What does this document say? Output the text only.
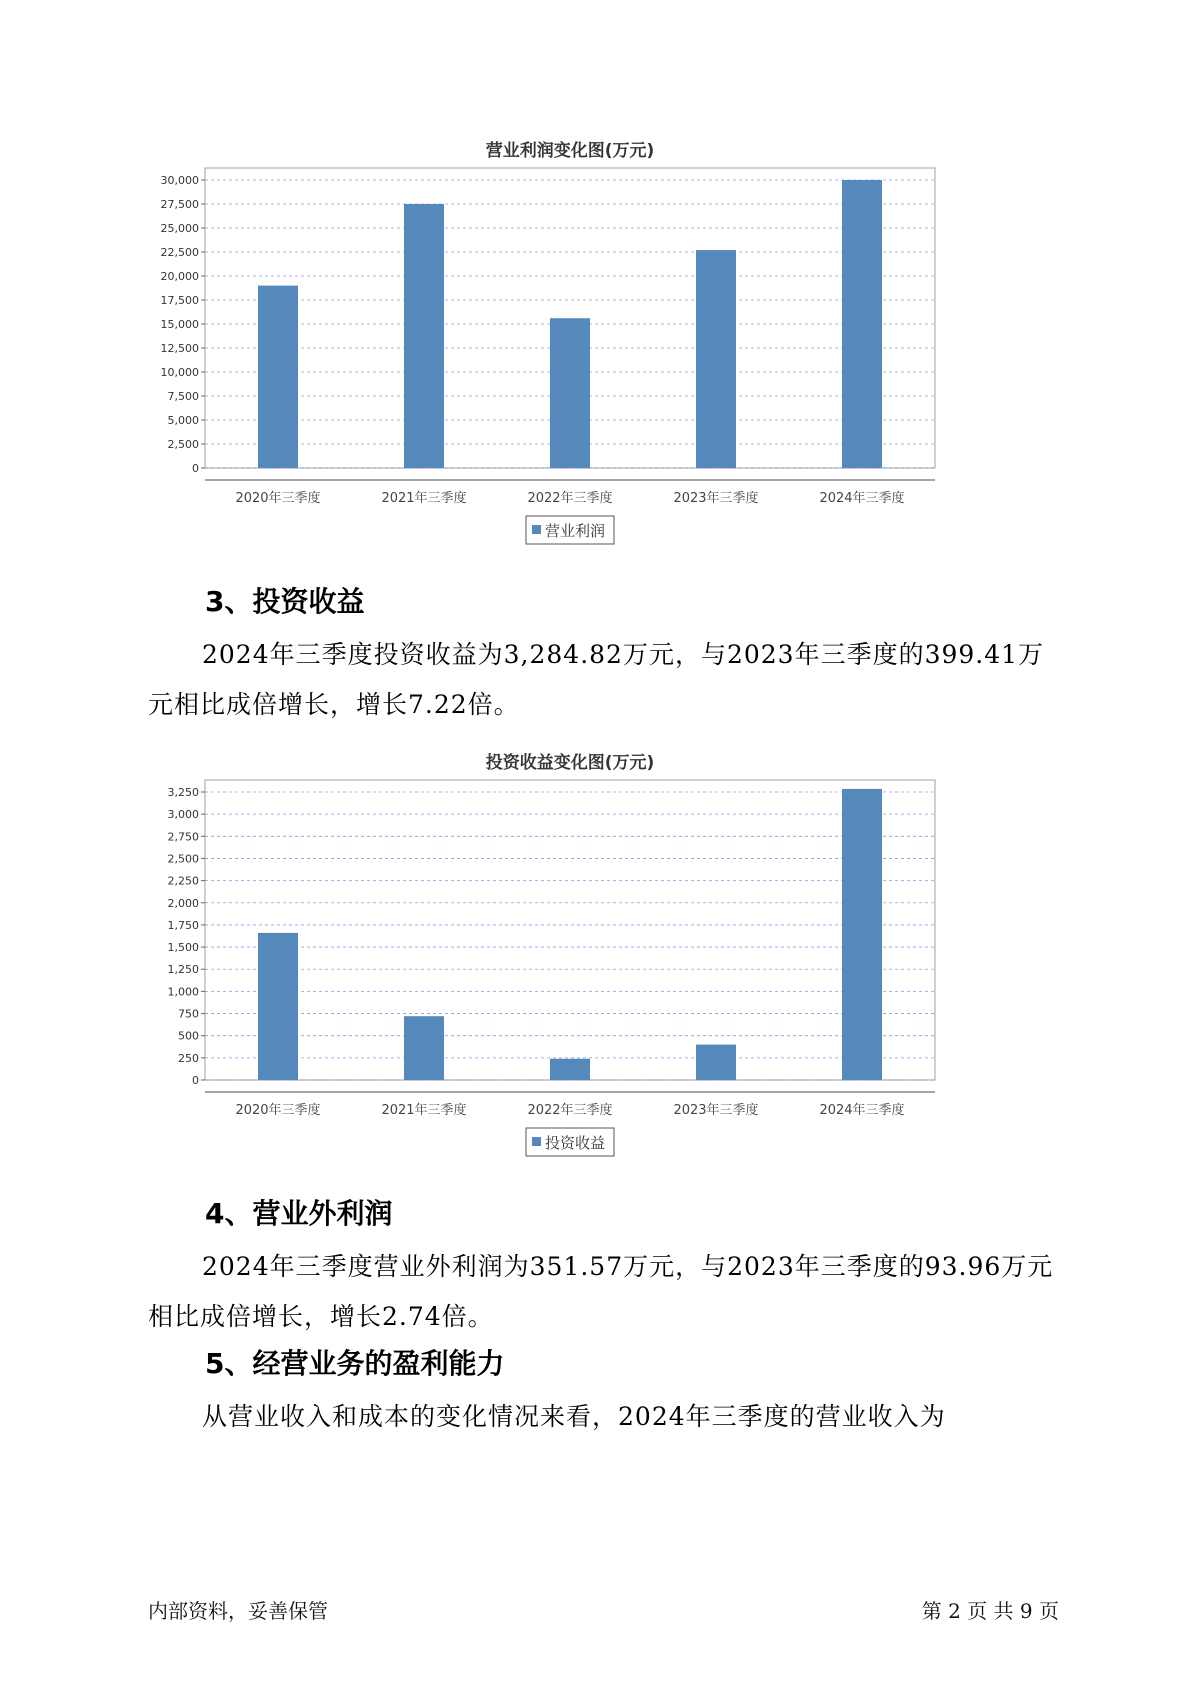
营业利润变化图(万元)
0
2,500
5,000
7,500
10,000
12,500
15,000
17,500
20,000
22,500
25,000
27,500
30,000
2020年三季度	2021年三季度	2022年三季度	2023年三季度	2024年三季度
营业利润
3、投资收益

2024年三季度投资收益为3,284.82万元，与2023年三季度的399.41万元相比成倍增长，增长7.22倍。

投资收益变化图(万元)
0
250
500
750
1,000
1,250
1,500
1,750
2,000
2,250
2,500
2,750
3,000
3,250
2020年三季度	2021年三季度	2022年三季度	2023年三季度	2024年三季度
投资收益
4、营业外利润

2024年三季度营业外利润为351.57万元，与2023年三季度的93.96万元相比成倍增长，增长2.74倍。

5、经营业务的盈利能力

从营业收入和成本的变化情况来看，2024年三季度的营业收入为

内部资料，妥善保管	第 2 页 共 9 页
